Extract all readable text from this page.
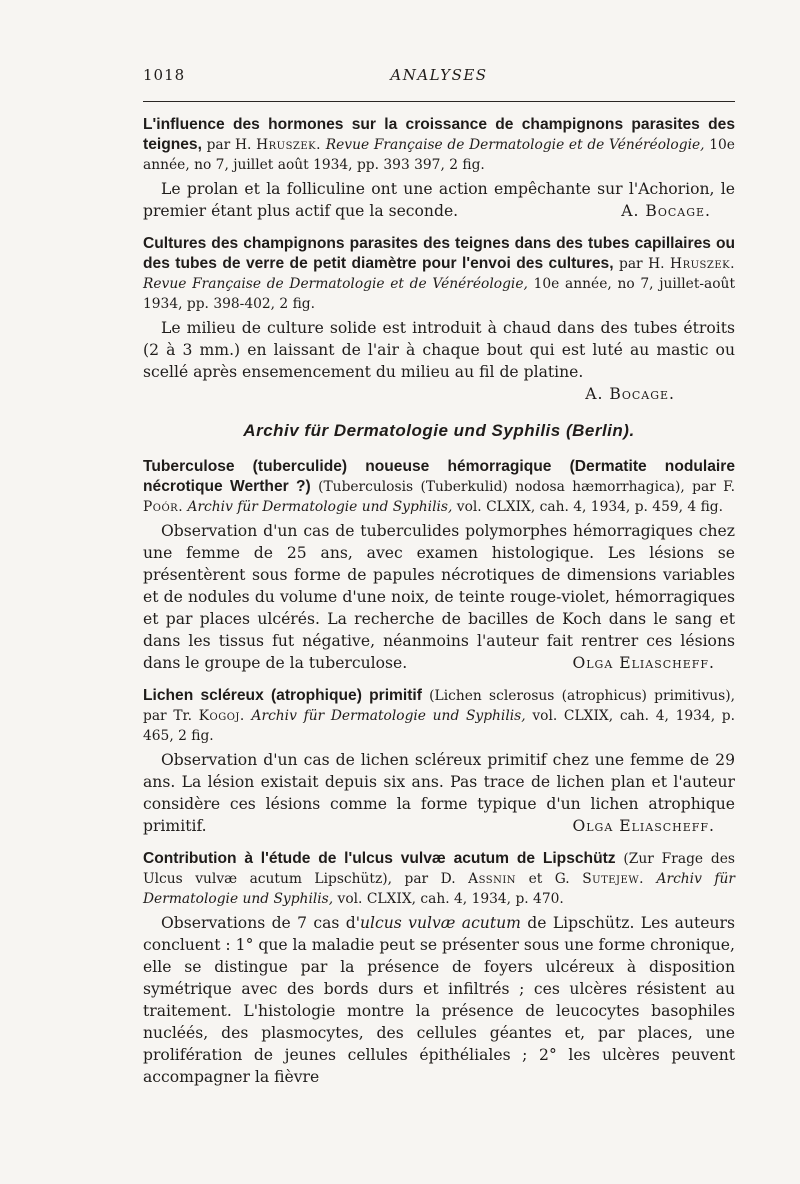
1018	ANALYSES
L'influence des hormones sur la croissance de champignons parasites des teignes, par H. Hruszek. Revue Française de Dermatologie et de Vénéréologie, 10e année, no 7, juillet août 1934, pp. 393 397, 2 fig.

Le prolan et la folliculine ont une action empêchante sur l'Achorion, le premier étant plus actif que la seconde.	A. Bocage.

Cultures des champignons parasites des teignes dans des tubes capillaires ou des tubes de verre de petit diamètre pour l'envoi des cultures, par H. Hruszek. Revue Française de Dermatologie et de Vénéréologie, 10e année, no 7, juillet-août 1934, pp. 398-402, 2 fig.

Le milieu de culture solide est introduit à chaud dans des tubes étroits (2 à 3 mm.) en laissant de l'air à chaque bout qui est luté au mastic ou scellé après ensemencement du milieu au fil de platine.

A. Bocage.
Archiv für Dermatologie und Syphilis (Berlin).
Tuberculose (tuberculide) noueuse hémorragique (Dermatite nodulaire nécrotique Werther ?) (Tuberculosis (Tuberkulid) nodosa hæmorrhagica), par F. Poór. Archiv für Dermatologie und Syphilis, vol. CLXIX, cah. 4, 1934, p. 459, 4 fig.

Observation d'un cas de tuberculides polymorphes hémorragiques chez une femme de 25 ans, avec examen histologique. Les lésions se présentèrent sous forme de papules nécrotiques de dimensions variables et de nodules du volume d'une noix, de teinte rouge-violet, hémorragiques et par places ulcérés. La recherche de bacilles de Koch dans le sang et dans les tissus fut négative, néanmoins l'auteur fait rentrer ces lésions dans le groupe de la tuberculose.	Olga Eliascheff.

Lichen scléreux (atrophique) primitif (Lichen sclerosus (atrophicus) primitivus), par Tr. Kogoj. Archiv für Dermatologie und Syphilis, vol. CLXIX, cah. 4, 1934, p. 465, 2 fig.

Observation d'un cas de lichen scléreux primitif chez une femme de 29 ans. La lésion existait depuis six ans. Pas trace de lichen plan et l'auteur considère ces lésions comme la forme typique d'un lichen atrophique primitif.	Olga Eliascheff.

Contribution à l'étude de l'ulcus vulvæ acutum de Lipschütz (Zur Frage des Ulcus vulvæ acutum Lipschütz), par D. Assnin et G. Sutejew. Archiv für Dermatologie und Syphilis, vol. CLXIX, cah. 4, 1934, p. 470.

Observations de 7 cas d'ulcus vulvæ acutum de Lipschütz. Les auteurs concluent : 1° que la maladie peut se présenter sous une forme chronique, elle se distingue par la présence de foyers ulcéreux à disposition symétrique avec des bords durs et infiltrés ; ces ulcères résistent au traitement. L'histologie montre la présence de leucocytes basophiles nucléés, des plasmocytes, des cellules géantes et, par places, une prolifération de jeunes cellules épithéliales ; 2° les ulcères peuvent accompagner la fièvre
